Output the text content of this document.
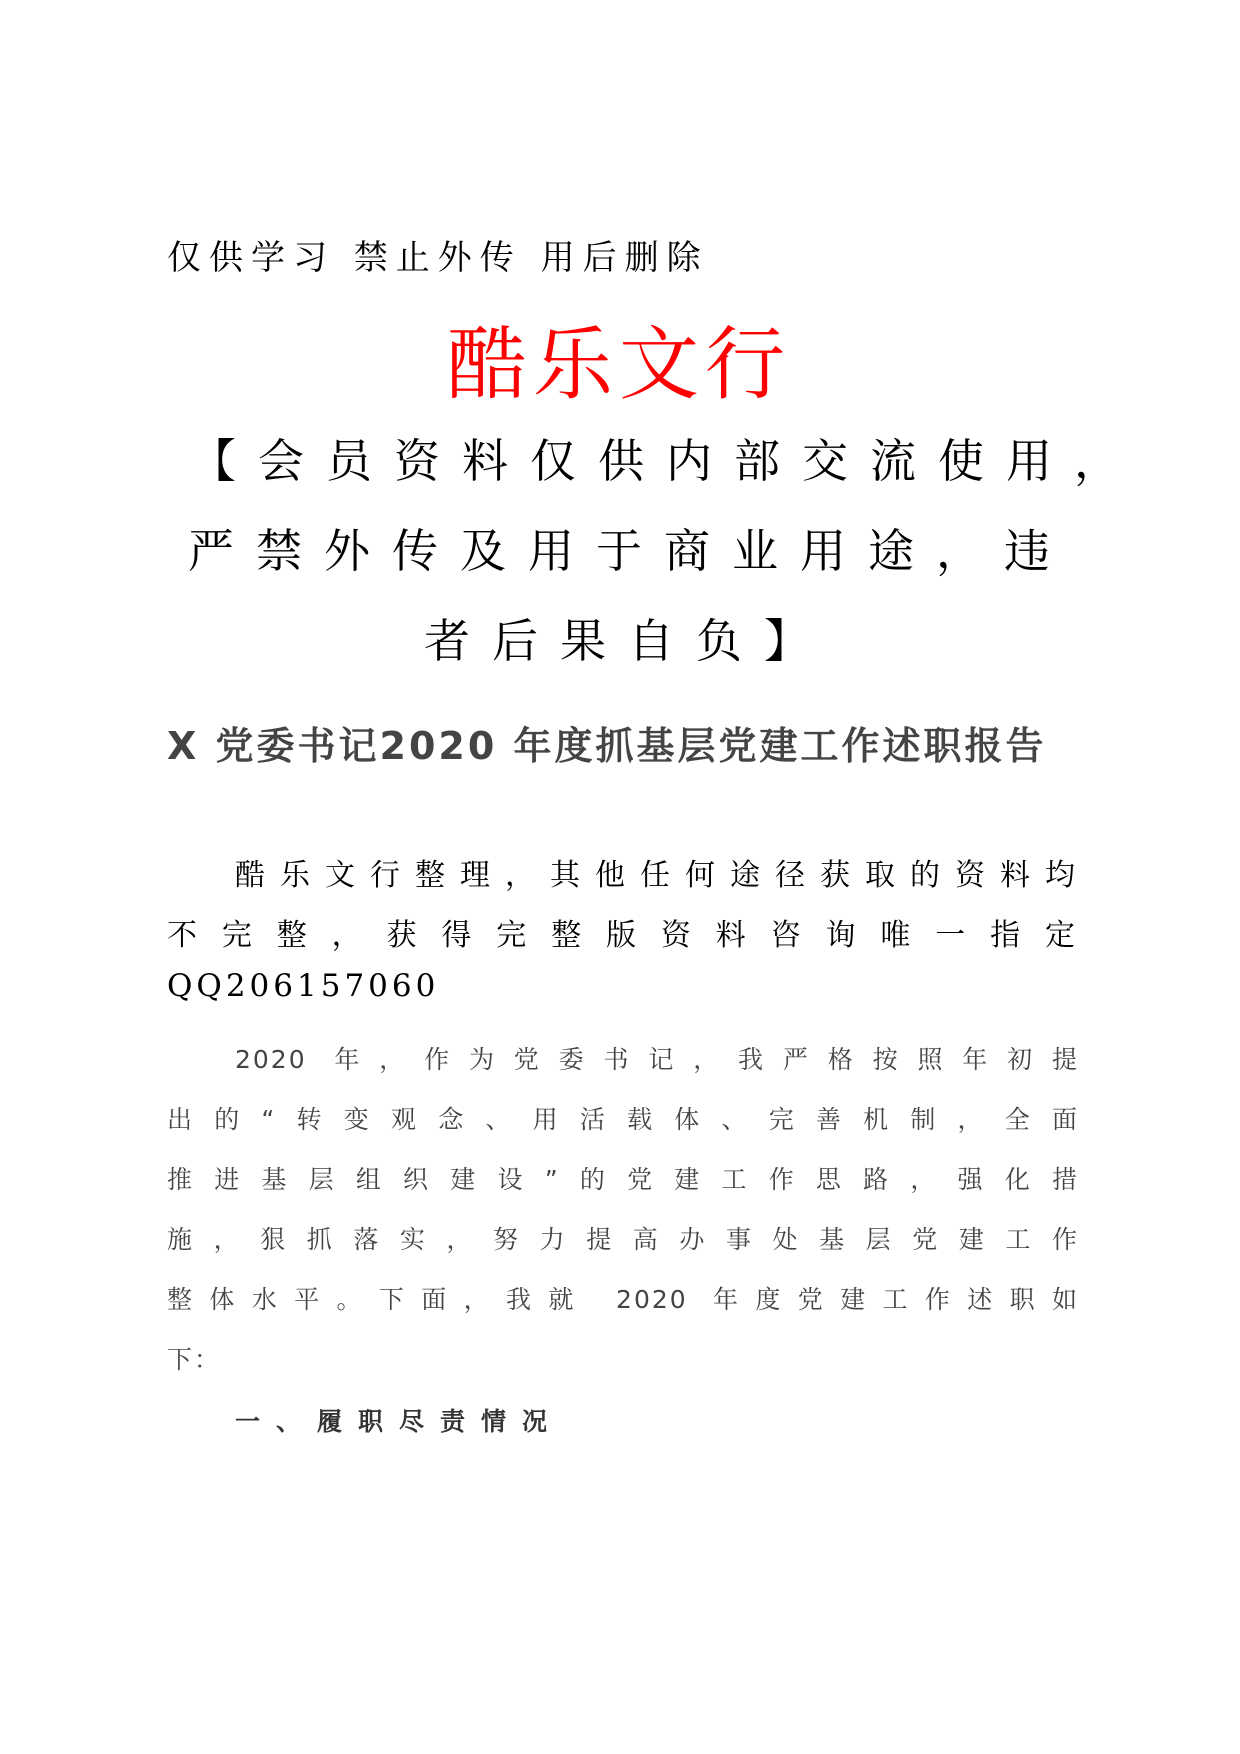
仅供学习 禁止外传 用后删除
酷乐文行
【会员资料仅供内部交流使用，
严禁外传及用于商业用途，违
者后果自负】
X 党委书记2020 年度抓基层党建工作述职报告
酷乐文行整理，其他任何途径获取的资料均
不完整，获得完整版资料咨询唯一指定
QQ206157060
2020 年，作为党委书记，我严格按照年初提
出的“转变观念、用活载体、完善机制，全面
推进基层组织建设”的党建工作思路，强化措
施，狠抓落实，努力提高办事处基层党建工作
整体水平。下面，我就 2020 年度党建工作述职如
下：
一、履职尽责情况
